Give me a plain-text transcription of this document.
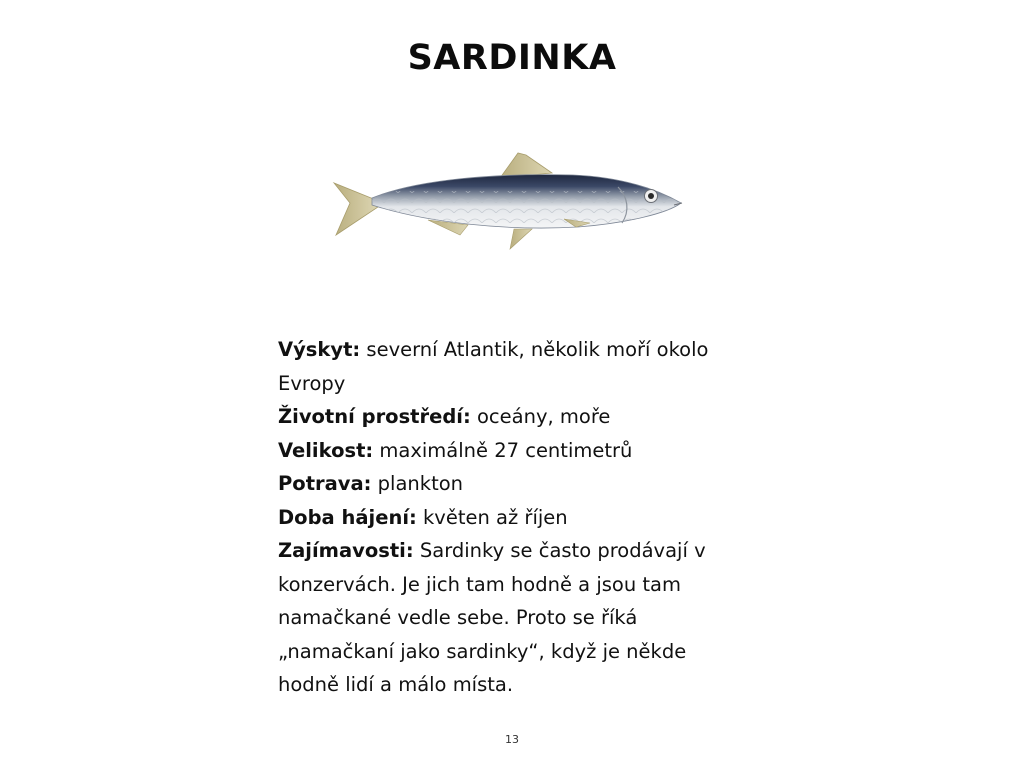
SARDINKA

Výskyt: severní Atlantik, několik moří okolo Evropy

Životní prostředí: oceány, moře

Velikost: maximálně 27 centimetrů

Potrava: plankton

Doba hájení: květen až říjen

Zajímavosti: Sardinky se často prodávají v konzervách. Je jich tam hodně a jsou tam namačkané vedle sebe. Proto se říká „namačkaní jako sardinky“, když je někde hodně lidí a málo místa.

13
